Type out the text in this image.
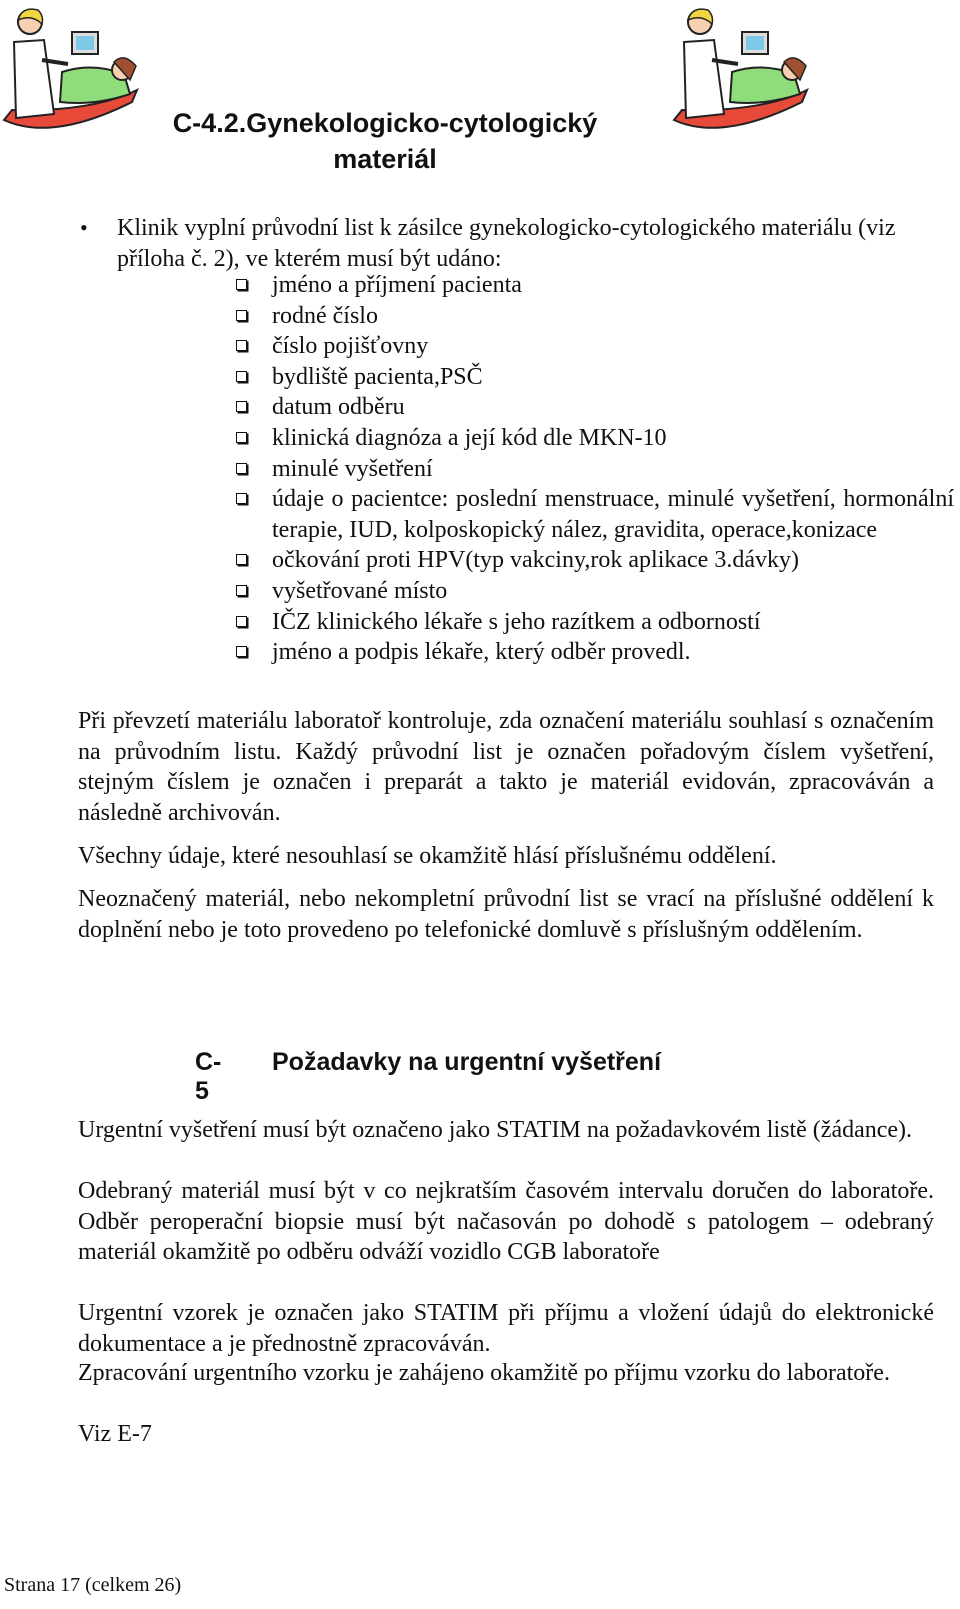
C-4.2.Gynekologicko-cytologický
materiál
• Klinik vyplní průvodní list k zásilce gynekologicko-cytologického materiálu (viz příloha č. 2), ve kterém musí být udáno:
jméno a příjmení pacienta
rodné číslo
číslo pojišťovny
bydliště pacienta,PSČ
datum odběru
klinická diagnóza a její kód dle MKN-10
minulé vyšetření
údaje o pacientce: poslední menstruace, minulé vyšetření, hormonální terapie, IUD, kolposkopický nález, gravidita, operace,konizace
očkování proti HPV(typ vakciny,rok aplikace 3.dávky)
vyšetřované místo
IČZ klinického lékaře s jeho razítkem a odborností
jméno a podpis lékaře, který odběr provedl.

Při převzetí materiálu laboratoř kontroluje, zda označení materiálu souhlasí s označením na průvodním listu. Každý průvodní list je označen pořadovým číslem vyšetření, stejným číslem je označen i preparát a takto je materiál evidován, zpracováván a následně archivován.

Všechny údaje, které nesouhlasí se okamžitě hlásí příslušnému oddělení.

Neoznačený materiál, nebo nekompletní průvodní list se vrací na příslušné oddělení k doplnění nebo je toto provedeno po telefonické domluvě s příslušným oddělením.

C-5
Požadavky na urgentní vyšetření

Urgentní vyšetření musí být označeno jako STATIM na požadavkovém listě (žádance).

Odebraný materiál musí být v co nejkratším časovém intervalu doručen do laboratoře. Odběr peroperační biopsie musí být načasován po dohodě s patologem – odebraný materiál okamžitě po odběru odváží vozidlo CGB laboratoře

Urgentní vzorek je označen jako STATIM při příjmu a vložení údajů do elektronické dokumentace a je přednostně zpracováván.

Zpracování urgentního vzorku je zahájeno okamžitě po příjmu vzorku do laboratoře.

Viz E-7

Strana 17 (celkem 26)
